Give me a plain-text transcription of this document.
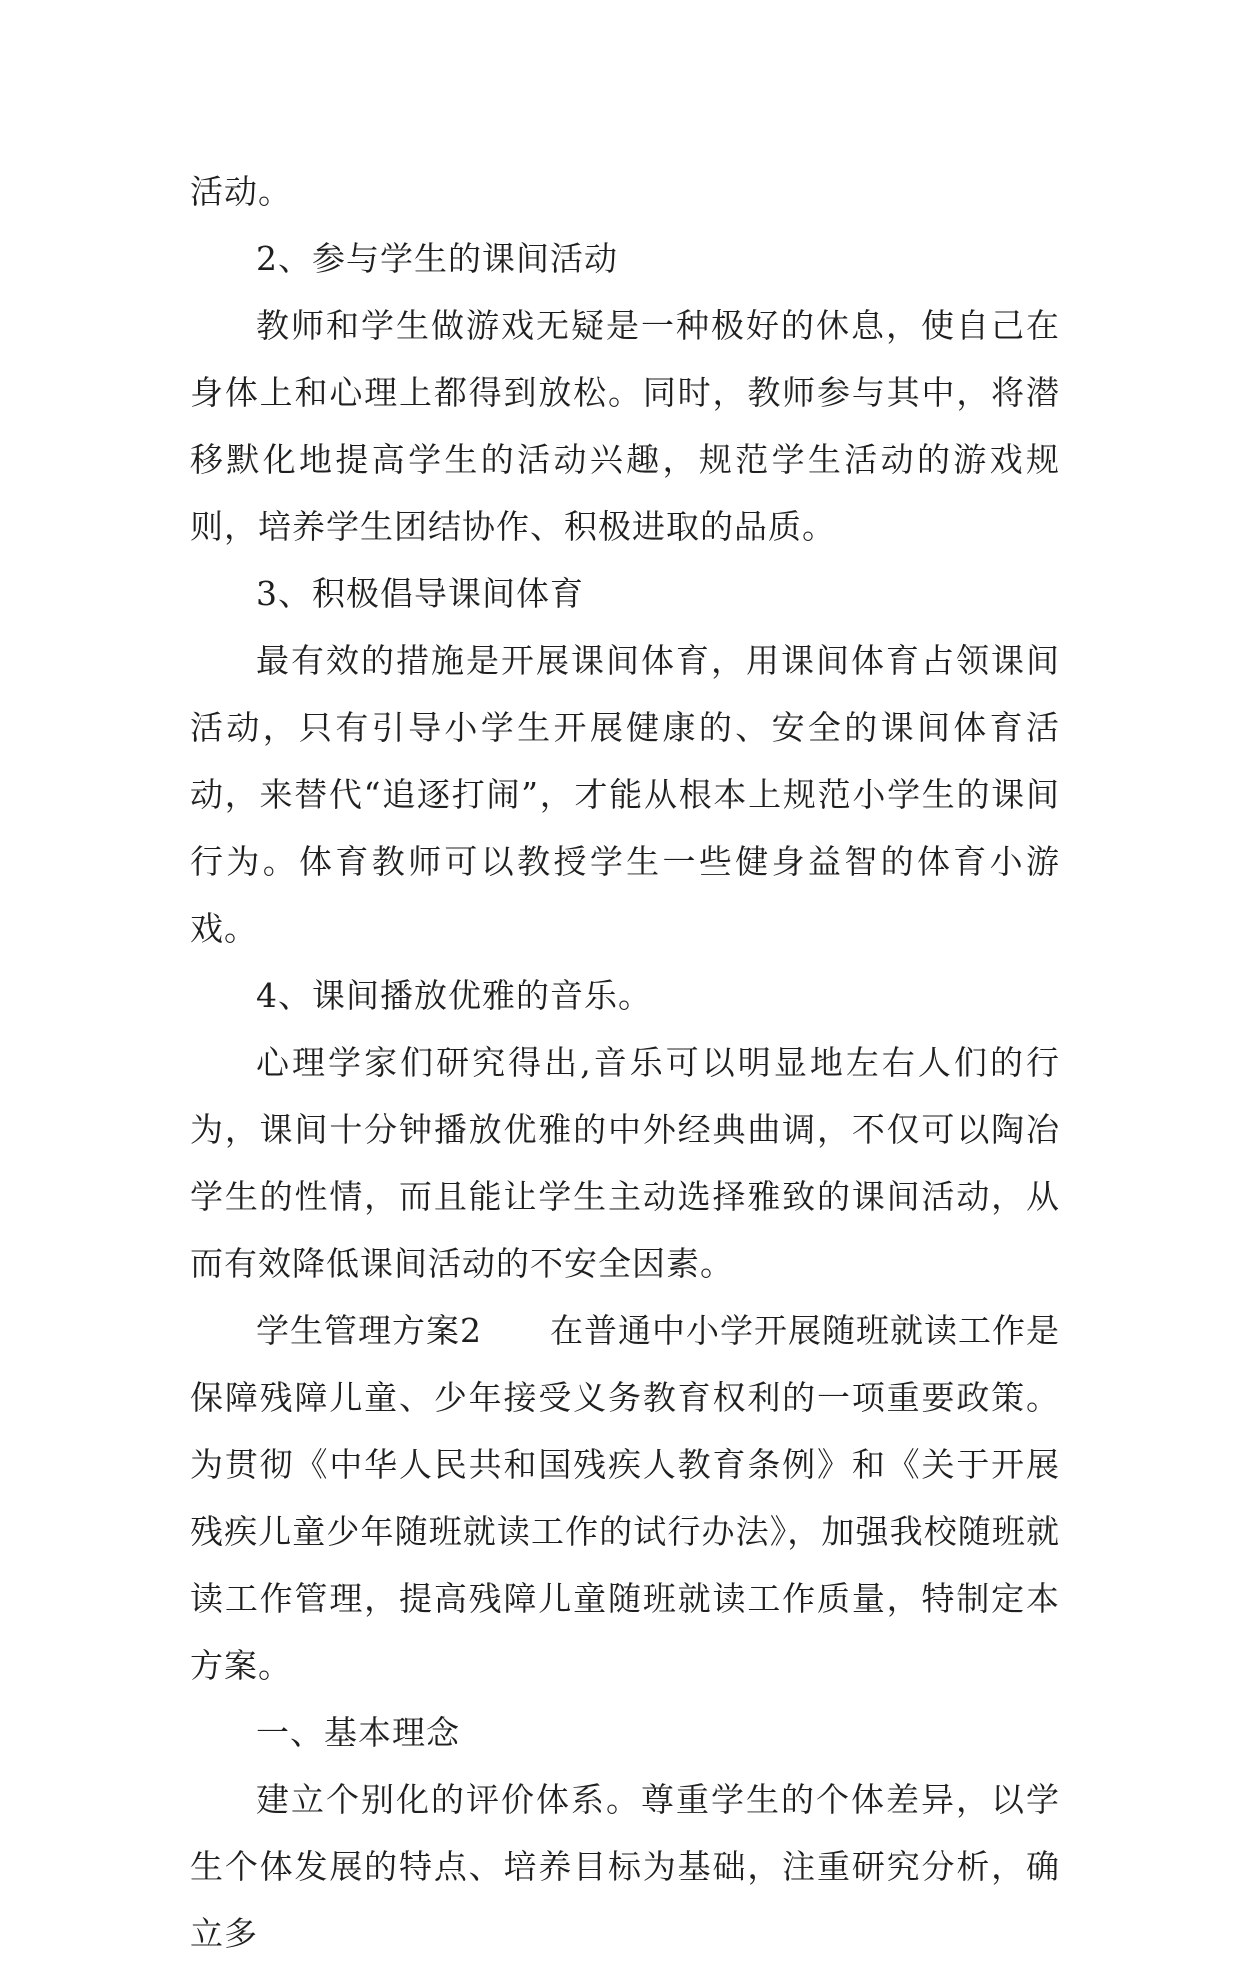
活动。

2、参与学生的课间活动

教师和学生做游戏无疑是一种极好的休息，使自己在身体上和心理上都得到放松。同时，教师参与其中，将潜移默化地提高学生的活动兴趣，规范学生活动的游戏规则，培养学生团结协作、积极进取的品质。

3、积极倡导课间体育

最有效的措施是开展课间体育，用课间体育占领课间活动，只有引导小学生开展健康的、安全的课间体育活动，来替代“追逐打闹”，才能从根本上规范小学生的课间行为。体育教师可以教授学生一些健身益智的体育小游戏。

4、课间播放优雅的音乐。

心理学家们研究得出,音乐可以明显地左右人们的行为，课间十分钟播放优雅的中外经典曲调，不仅可以陶冶学生的性情，而且能让学生主动选择雅致的课间活动，从而有效降低课间活动的不安全因素。

学生管理方案2　　在普通中小学开展随班就读工作是保障残障儿童、少年接受义务教育权利的一项重要政策。为贯彻《中华人民共和国残疾人教育条例》和《关于开展残疾儿童少年随班就读工作的试行办法》，加强我校随班就读工作管理，提高残障儿童随班就读工作质量，特制定本方案。

一、基本理念

建立个别化的评价体系。尊重学生的个体差异，以学生个体发展的特点、培养目标为基础，注重研究分析，确立多
